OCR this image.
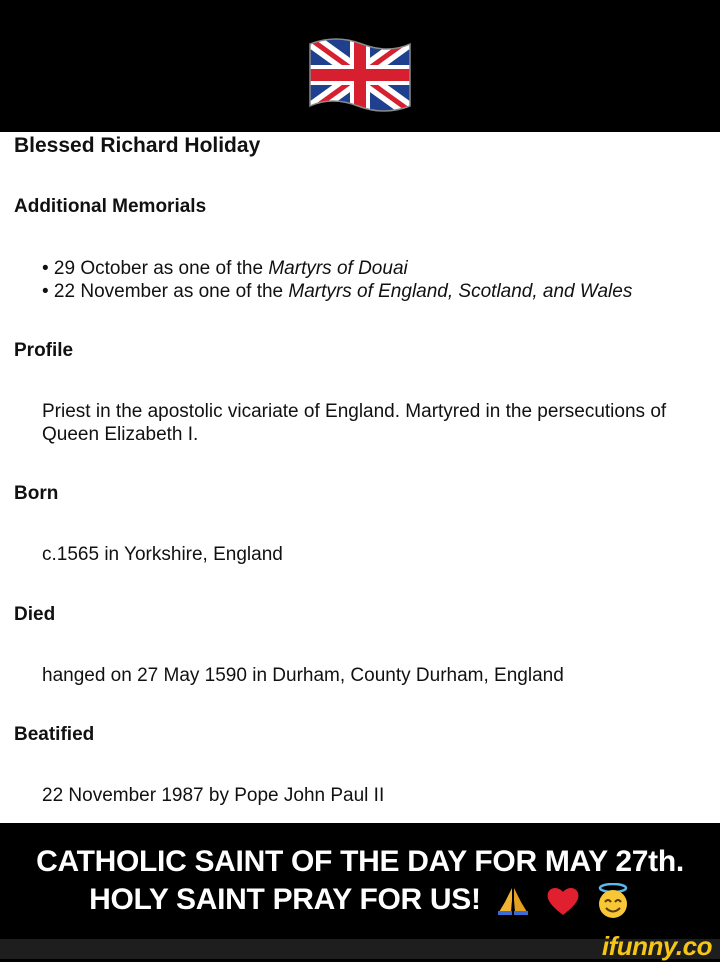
Blessed Richard Holiday
Additional Memorials
• 29 October as one of the Martyrs of Douai
• 22 November as one of the Martyrs of England, Scotland, and Wales
Profile

Priest in the apostolic vicariate of England. Martyred in the persecutions of Queen Elizabeth I.

Born

c.1565 in Yorkshire, England

Died

hanged on 27 May 1590 in Durham, County Durham, England

Beatified

22 November 1987 by Pope John Paul II

CATHOLIC SAINT OF THE DAY FOR MAY 27th.
HOLY SAINT PRAY FOR US!
ifunny.co
